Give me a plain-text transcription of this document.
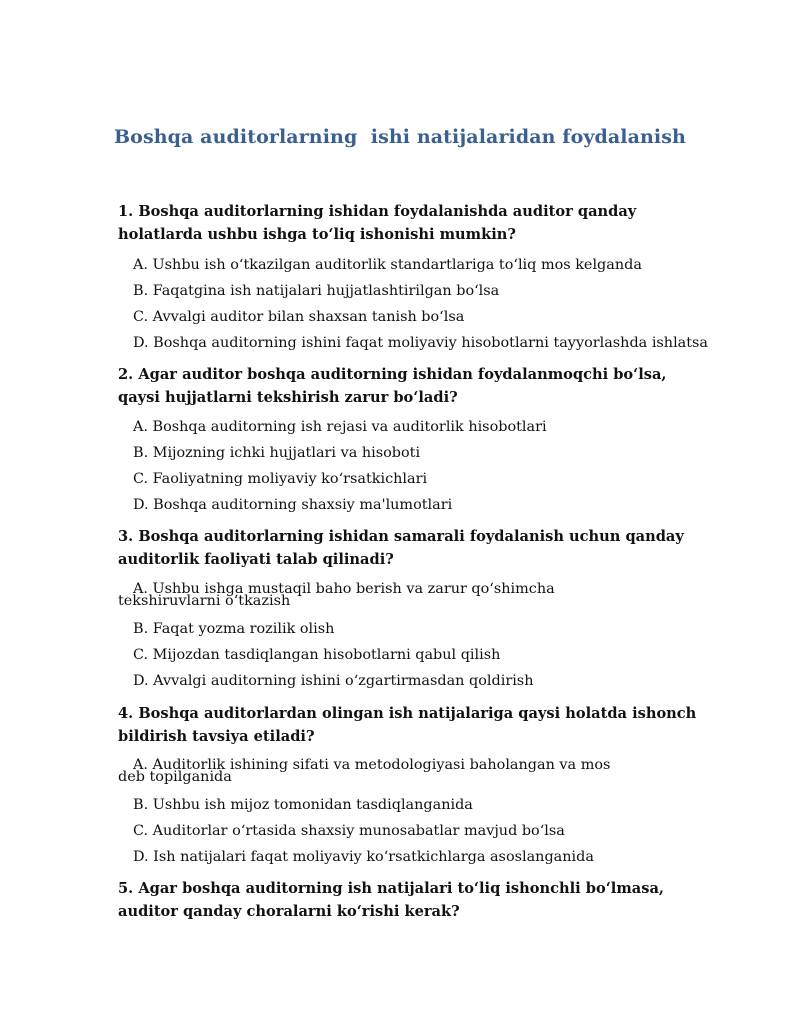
Boshqa auditorlarning  ishi natijalaridan foydalanish
1. Boshqa auditorlarning ishidan foydalanishda auditor qanday holatlarda ushbu ishga to‘liq ishonishi mumkin?
A. Ushbu ish o‘tkazilgan auditorlik standartlariga to‘liq mos kelganda
B. Faqatgina ish natijalari hujjatlashtirilgan bo‘lsa
C. Avvalgi auditor bilan shaxsan tanish bo‘lsa
D. Boshqa auditorning ishini faqat moliyaviy hisobotlarni tayyorlashda ishlatsa
2. Agar auditor boshqa auditorning ishidan foydalanmoqchi bo‘lsa, qaysi hujjatlarni tekshirish zarur bo‘ladi?
A. Boshqa auditorning ish rejasi va auditorlik hisobotlari
B. Mijozning ichki hujjatlari va hisoboti
C. Faoliyatning moliyaviy ko‘rsatkichlari
D. Boshqa auditorning shaxsiy ma'lumotlari
3. Boshqa auditorlarning ishidan samarali foydalanish uchun qanday auditorlik faoliyati talab qilinadi?
A. Ushbu ishga mustaqil baho berish va zarur qo‘shimcha tekshiruvlarni o‘tkazish
B. Faqat yozma rozilik olish
C. Mijozdan tasdiqlangan hisobotlarni qabul qilish
D. Avvalgi auditorning ishini o‘zgartirmasdan qoldirish
4. Boshqa auditorlardan olingan ish natijalariga qaysi holatda ishonch bildirish tavsiya etiladi?
A. Auditorlik ishining sifati va metodologiyasi baholangan va mos deb topilganida
B. Ushbu ish mijoz tomonidan tasdiqlanganida
C. Auditorlar o‘rtasida shaxsiy munosabatlar mavjud bo‘lsa
D. Ish natijalari faqat moliyaviy ko‘rsatkichlarga asoslanganida
5. Agar boshqa auditorning ish natijalari to‘liq ishonchli bo‘lmasa, auditor qanday choralarni ko‘rishi kerak?
